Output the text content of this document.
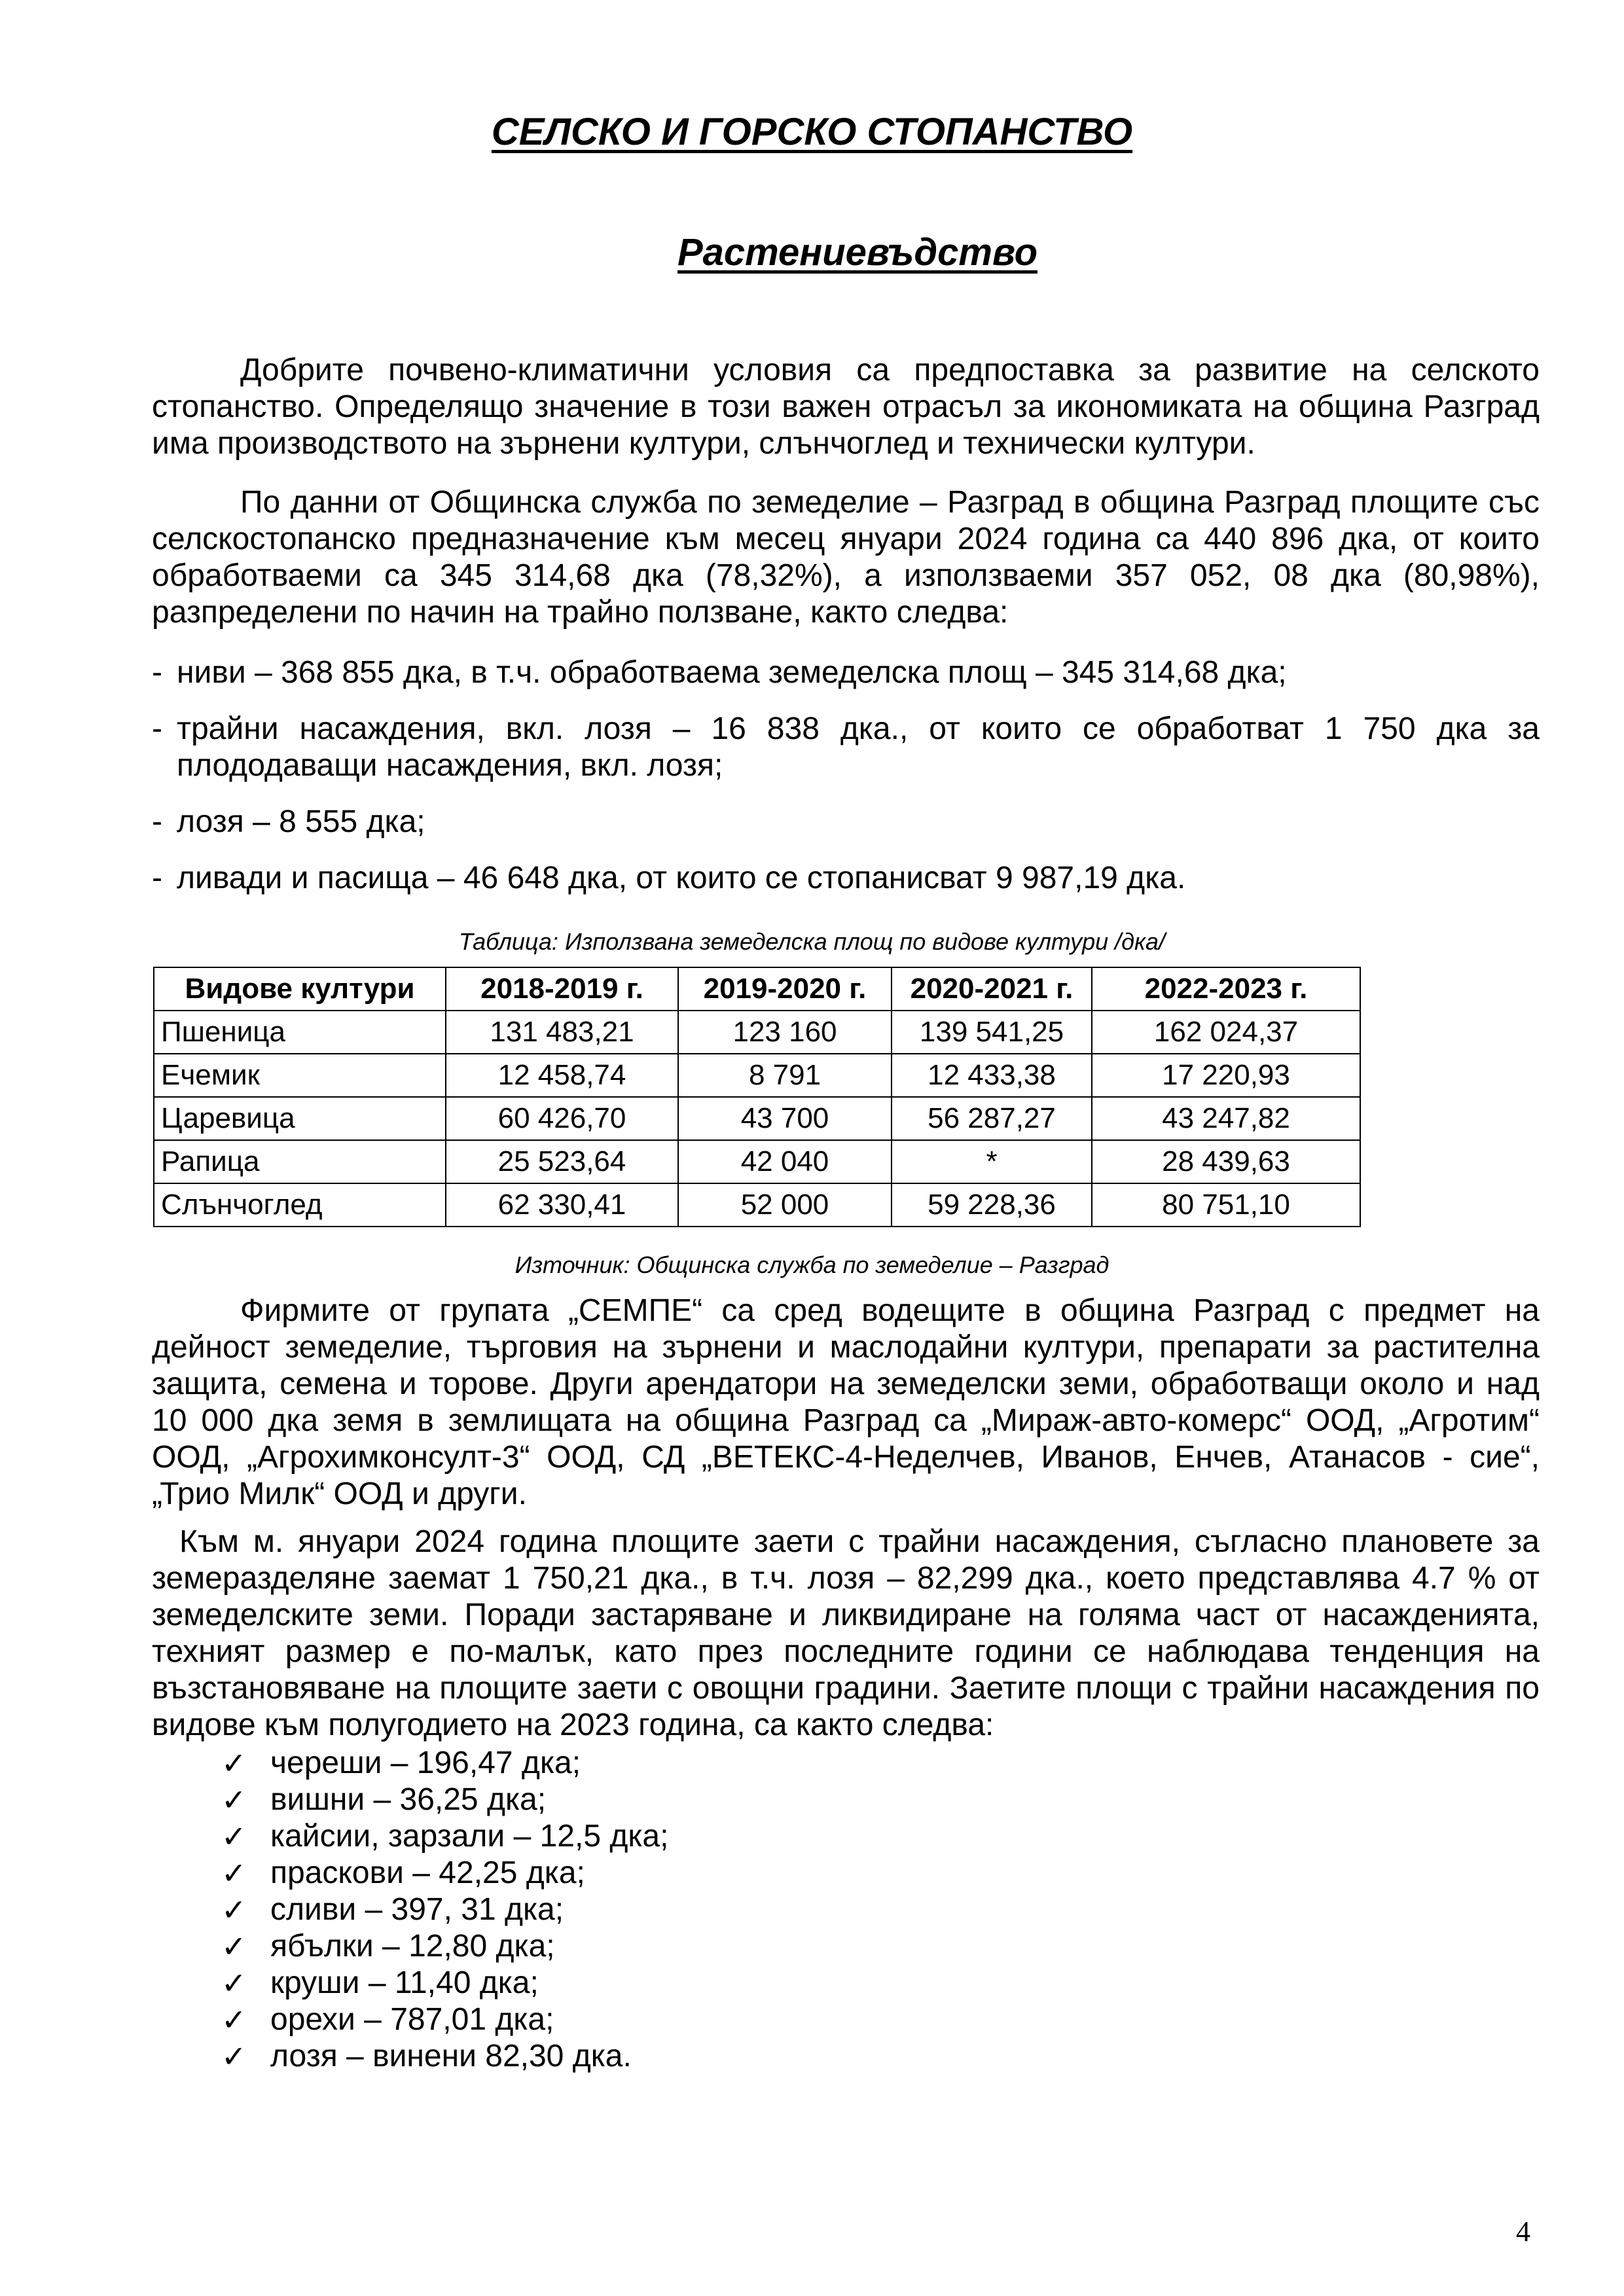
СЕЛСКО И ГОРСКО СТОПАНСТВО
Растениевъдство

Добрите почвено-климатични условия са предпоставка за развитие на селското стопанство. Определящо значение в този важен отрасъл за икономиката на община Разград има производството на зърнени култури, слънчоглед и технически култури.

По данни от Общинска служба по земеделие – Разград в община Разград площите със селскостопанско предназначение към месец януари 2024 година са 440 896 дка, от които обработваеми са 345 314,68 дка (78,32%), а използваеми 357 052, 08 дка (80,98%), разпределени по начин на трайно ползване, както следва:

- ниви – 368 855 дка, в т.ч. обработваема земеделска площ – 345 314,68 дка;
- трайни насаждения, вкл. лозя – 16 838 дка., от които се обработват 1 750 дка за плододаващи насаждения, вкл. лозя;
- лозя – 8 555 дка;
- ливади и пасища – 46 648 дка, от които се стопанисват 9 987,19 дка.
Таблица: Използвана земеделска площ по видове култури /дка/
Видове култури	2018-2019 г.	2019-2020 г.	2020-2021 г.	2022-2023 г.
Пшеница	131 483,21	123 160	139 541,25	162 024,37
Ечемик	12 458,74	8 791	12 433,38	17 220,93
Царевица	60 426,70	43 700	56 287,27	43 247,82
Рапица	25 523,64	42 040	*	28 439,63
Слънчоглед	62 330,41	52 000	59 228,36	80 751,10
Източник: Общинска служба по земеделие – Разград

Фирмите от групата „СЕМПЕ“ са сред водещите в община Разград с предмет на дейност земеделие, търговия на зърнени и маслодайни култури, препарати за растителна защита, семена и торове. Други арендатори на земеделски земи, обработващи около и над 10 000 дка земя в землищата на община Разград са „Мираж-авто-комерс“ ООД, „Агротим“ ООД, „Агрохимконсулт-3“ ООД, СД „ВЕТЕКС-4-Неделчев, Иванов, Енчев, Атанасов - сие“, „Трио Милк“ ООД и други.

Към м. януари 2024 година площите заети с трайни насаждения, съгласно плановете за земеразделяне заемат 1 750,21 дка., в т.ч. лозя – 82,299 дка., което представлява 4.7 % от земеделските земи. Поради застаряване и ликвидиране на голяма част от насажденията, техният размер е по-малък, като през последните години се наблюдава тенденция на възстановяване на площите заети с овощни градини. Заетите площи с трайни насаждения по видове към полугодието на 2023 година, са както следва:

✓ череши – 196,47 дка;
✓ вишни – 36,25 дка;
✓ кайсии, зарзали – 12,5 дка;
✓ праскови – 42,25 дка;
✓ сливи – 397, 31 дка;
✓ ябълки – 12,80 дка;
✓ круши – 11,40 дка;
✓ орехи – 787,01 дка;
✓ лозя – винени 82,30 дка.
4
